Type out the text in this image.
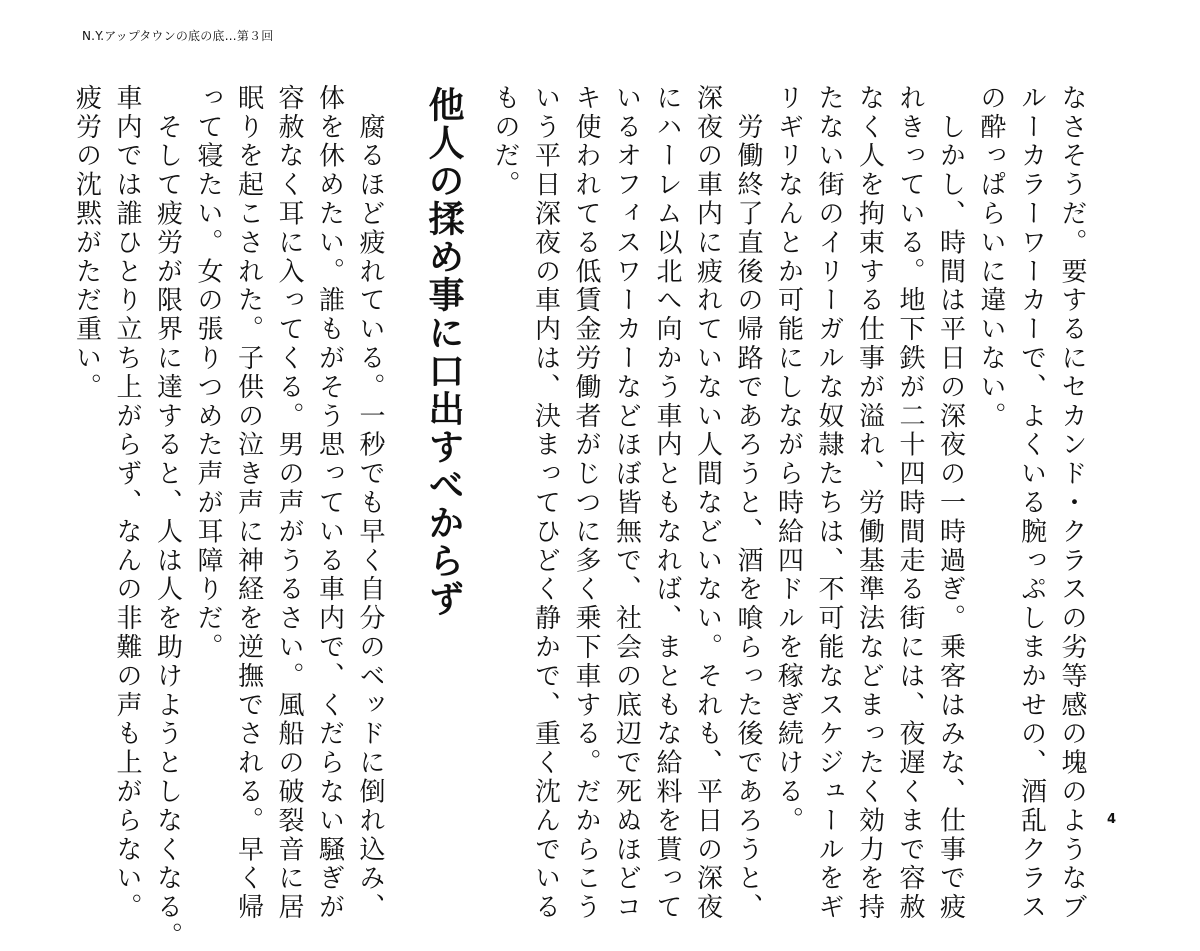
N.Y.アップタウンの底の底…第３回

なさそうだ。要するにセカンド・クラスの劣等感の塊のようなブ

ルーカラーワーカーで、よくいる腕っぷしまかせの、酒乱クラス

の酔っぱらいに違いない。

　しかし、時間は平日の深夜の一時過ぎ。乗客はみな、仕事で疲

れきっている。地下鉄が二十四時間走る街には、夜遅くまで容赦

なく人を拘束する仕事が溢れ、労働基準法などまったく効力を持

たない街のイリーガルな奴隷たちは、不可能なスケジュールをギ

リギリなんとか可能にしながら時給四ドルを稼ぎ続ける。

　労働終了直後の帰路であろうと、酒を喰らった後であろうと、

深夜の車内に疲れていない人間などいない。それも、平日の深夜

にハーレム以北へ向かう車内ともなれば、まともな給料を貰って

いるオフィスワーカーなどほぼ皆無で、社会の底辺で死ぬほどコ

キ使われてる低賃金労働者がじつに多く乗下車する。だからこう

いう平日深夜の車内は、決まってひどく静かで、重く沈んでいる

ものだ。

他人の揉め事に口出すべからず

　腐るほど疲れている。一秒でも早く自分のベッドに倒れ込み、

体を休めたい。誰もがそう思っている車内で、くだらない騒ぎが

容赦なく耳に入ってくる。男の声がうるさい。風船の破裂音に居

眠りを起こされた。子供の泣き声に神経を逆撫でされる。早く帰

って寝たい。女の張りつめた声が耳障りだ。

　そして疲労が限界に達すると、人は人を助けようとしなくなる。

車内では誰ひとり立ち上がらず、なんの非難の声も上がらない。

疲労の沈黙がただ重い。

4
